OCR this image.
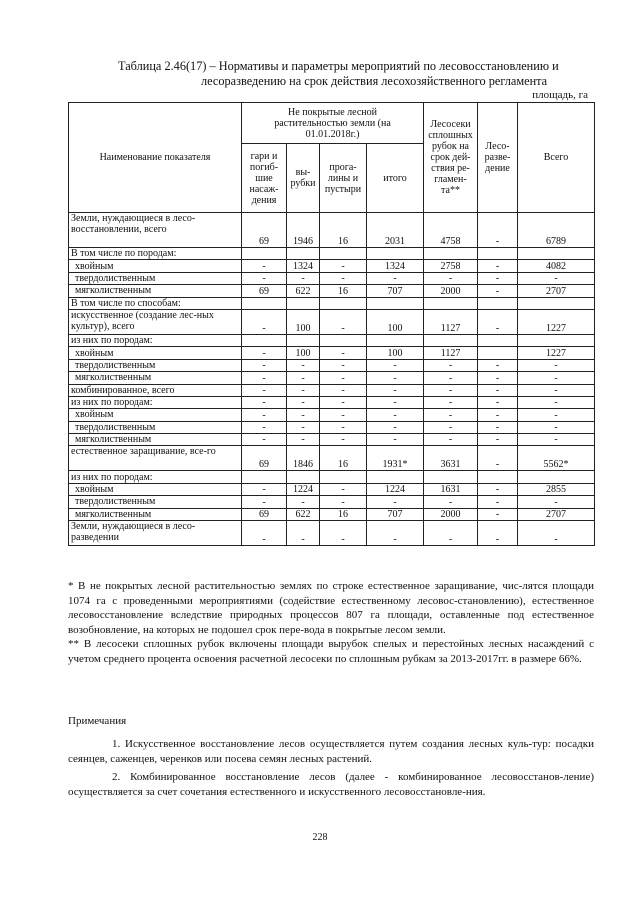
Таблица 2.46(17) – Нормативы и параметры мероприятий по лесовосстановлению и
лесоразведению на срок действия лесохозяйственного регламента
площадь, га
Наименование показателя	Не покрытые лесной растительностью земли (на 01.01.2018г.)				Лесосеки сплошных рубок на срок дей-ствия ре-гламен-та**	Лесо-разве-дение	Всего
	гари и погиб-шие насаж-дения	вы-рубки	прога-лины и пустыри	итого			
Земли, нуждающиеся в лесо-восстановлении, всего	69	1946	16	2031	4758	-	6789
В том числе по породам:							
хвойным	-	1324	-	1324	2758	-	4082
твердолиственным	-	-	-	-	-	-	-
мягколиственным	69	622	16	707	2000	-	2707
В том числе по способам:							
искусственное (создание лес-ных культур), всего	-	100	-	100	1127	-	1227
из них по породам:							
хвойным	-	100	-	100	1127		1227
твердолиственным	-	-	-	-	-	-	-
мягколиственным	-	-	-	-	-	-	-
комбинированное, всего	-	-	-	-	-	-	-
из них по породам:	-	-	-	-	-	-	-
хвойным	-	-	-	-	-	-	-
твердолиственным	-	-	-	-	-	-	-
мягколиственным	-	-	-	-	-	-	-
естественное заращивание, все-го	69	1846	16	1931*	3631	-	5562*
из них по породам:							
хвойным	-	1224	-	1224	1631	-	2855
твердолиственным	-	-	-	-	-	-	-
мягколиственным	69	622	16	707	2000	-	2707
Земли, нуждающиеся в лесо-разведении	-	-	-	-	-	-	-

* В не покрытых лесной растительностью землях по строке естественное заращивание, чис-лятся площади 1074 га с проведенными мероприятиями (содействие естественному лесовос-становлению), естественное лесовосстановление вследствие природных процессов 807 га площади, оставленные под естественное возобновление, на которых не подошел срок пере-вода в покрытые лесом земли.

** В лесосеки сплошных рубок включены площади вырубок спелых и перестойных лесных насаждений с учетом среднего процента освоения расчетной лесосеки по сплошным рубкам за 2013-2017гг. в размере 66%.

Примечания

1. Искусственное восстановление лесов осуществляется путем создания лесных куль-тур: посадки сеянцев, саженцев, черенков или посева семян лесных растений.

2. Комбинированное восстановление лесов (далее - комбинированное лесовосстанов-ление) осуществляется за счет сочетания естественного и искусственного лесовосстановле-ния.

228
